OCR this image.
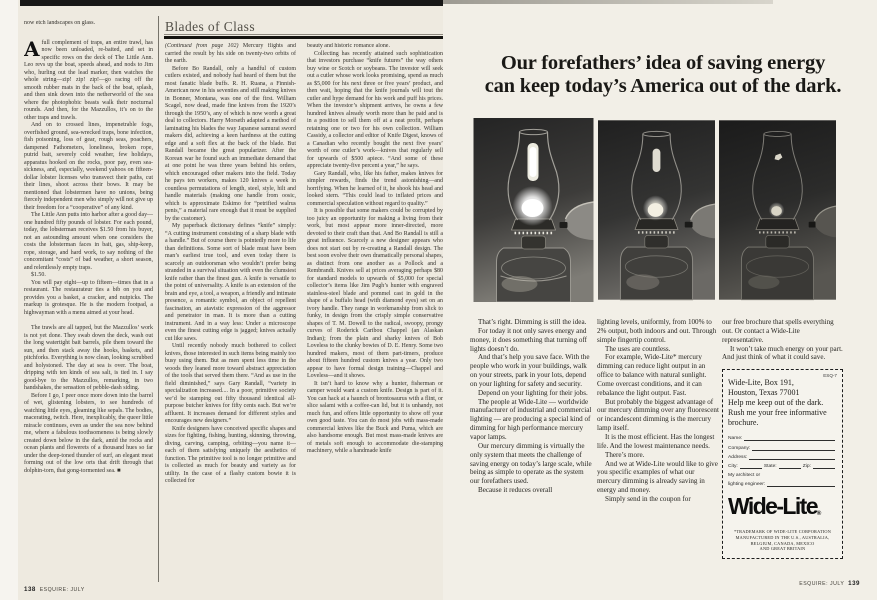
now etch landscapes on glass.

Afull complement of traps, an entire trawl, has now been unloaded, re-baited, and set in specific rows on the deck of The Little Ann. Leo revs up the boat, speeds ahead, and nods to Jim who, hurling out the lead marker, then watches the whole string—zip! zip! zip!—go racing off the smooth rubber mats in the back of the boat, splash, and then sink down into the netherworld of the sea where the photophobic beasts walk their nocturnal rounds. And then, for the Mazzullos, it’s on to the other traps and trawls.

And on to crossed lines, impenetrable fogs, overfished ground, sea-wrecked traps, bone infection, fish poisoning, loss of gear, rough seas, poachers, dampened Fathometers, loneliness, broken rope, putrid bait, severely cold weather, few holidays, apparatus hooked on the rocks, poor pay, even sea-sickness, and, especially, weekend yahoos on fifteen-dollar lobster licenses who transvect their paths, cut their lines, shoot across their bows. It may be mentioned that lobstermen have no unions, being fiercely independent men who simply will not give up their freedom for a “cooperative” of any kind.

The Little Ann putts into harbor after a good day—one hundred fifty pounds of lobster. For each pound, today, the lobsterman receives $1.50 from his buyer, not an astounding amount when one considers the costs the lobsterman faces in bait, gas, ship-keep, rope, storage, and hard work, to say nothing of the concomitant “costs” of bad weather, a short season, and relentlessly empty traps.

$1.50.

You will pay eight—up to fifteen—times that in a restaurant. The restaurateur ties a bib on you and provides you a basket, a cracker, and nutpicks. The markup is grotesque. He is the modern footpad, a highwayman with a menu aimed at your head.

The trawls are all tapped, but the Mazzullos’ work is not yet done. They swab down the deck, wash out the long watertight bait barrels, pile them toward the sun, and then stack away the hooks, baskets, and pitchforks. Everything is now clean, looking scrubbed and holystoned. The day at sea is over. The boat, dripping with ten kinds of sea salt, is tied in. I say good-bye to the Mazzullos, remarking, in two handshakes, the sensation of pebble-dash siding.

Before I go, I peer once more down into the barrel of wet, glistening lobsters, to see hundreds of watching little eyes, gleaming like sepals. The bodies, macerating, twitch. Here, inexplicably, the queer little miracle continues, even as under the sea now behind me, where a fabulous toothsomeness is being slowly created down below in the dark, amid the rocks and ocean plants and flowerets of a thousand hues so far under the deep-toned thunder of surf, an elegant meat forming out of the low orts that drift through that dolphin-torn, that gong-tormented sea. ■

Blades of Class

(Continued from page 102) Mercury flights and carried the result by his side on twenty-two orbits of the earth.

Before Bo Randall, only a handful of custom cutlers existed, and nobody had heard of them but the most fanatic blade buffs. R. H. Ruana, a Finnish-American now in his seventies and still making knives in Bonner, Montana, was one of the first. William Scagel, now dead, made fine knives from the 1920’s through the 1950’s, any of which is now worth a great deal to collectors. Harry Morseth adapted a method of laminating his blades the way Japanese samurai sword makers did, achieving a keen hardness at the cutting edge and a soft flex at the back of the blade. But Randall became the great popularizer. After the Korean war he found such an immediate demand that at one point he was three years behind his orders, which encouraged other makers into the field. Today he pays ten workers, makes 120 knives a week in countless permutations of length, steel, style, hilt and handle materials (making one handle from oosic, which is approximate Eskimo for “petrified walrus penis,” a material rare enough that it must be supplied by the customer).

My paperback dictionary defines “knife” simply: “A cutting instrument consisting of a sharp blade with a handle.” But of course there is pointedly more to life than definitions. Some sort of blade must have been man’s earliest true tool, and even today there is scarcely an outdoorsman who wouldn’t prefer being stranded in a survival situation with even the clumsiest knife rather than the finest gun. A knife is versatile to the point of universality. A knife is an extension of the brain and eye, a tool, a weapon, a friendly and intimate presence, a romantic symbol, an object of repellent fascination, an atavistic expression of the aggressor and penetrator in man. It is more than a cutting instrument. And in a way less: Under a microscope even the finest cutting edge is jagged; knives actually cut like saws.

Until recently nobody much bothered to collect knives, those interested in such items being mainly too busy using them. But as men spent less time in the woods they leaned more toward abstract appreciation of the tools that served them there. “And as use in the field diminished,” says Gary Randall, “variety in specialization increased.... In a poor, primitive society we’d be stamping out fifty thousand identical all-purpose butcher knives for fifty cents each. But we’re affluent. It increases demand for different styles and encourages new designers.”

Knife designers have conceived specific shapes and sizes for fighting, fishing, hunting, skinning, throwing, diving, carving, camping, orbiting—you name it—each of them satisfying uniquely the aesthetics of function. The primitive tool is no longer primitive and is collected as much for beauty and variety as for utility. In the case of a flashy custom bowie it is collected for

beauty and historic romance alone.

Collecting has recently attained such sophistication that investors purchase “knife futures” the way others buy wine or Scotch or soybeans. The investor will seek out a cutler whose work looks promising, spend as much as $5,000 for his next three or five years’ product, and then wait, hoping that the knife journals will tout the cutler and hype demand for his work and puff his prices. When the investor’s shipment arrives, he owns a few hundred knives already worth more than he paid and is in a position to sell them off at a neat profit, perhaps retaining one or two for his own collection. William Cassidy, a collector and editor of Knife Digest, knows of a Canadian who recently bought the next five years’ worth of one cutler’s work—knives that regularly sell for upwards of $500 apiece. “And some of these appreciate twenty-five percent a year,” he says.

Gary Randall, who, like his father, makes knives for simpler rewards, finds the trend astonishing—and horrifying. When he learned of it, he shook his head and looked stern. “This could lead to inflated prices and commercial speculation without regard to quality.”

It is possible that some makers could be corrupted by too juicy an opportunity for making a living from their work, but most appear more inner-directed, more devoted to their craft than that. And Bo Randall is still a great influence. Scarcely a new designer appears who does not start out by re-creating a Randall design. The best soon evolve their own dramatically personal shapes, as distinct from one another as a Pollock and a Rembrandt. Knives sell at prices averaging perhaps $80 for standard models to upwards of $5,000 for special collector’s items like Jim Pugh’s hunter with engraved stainless-steel blade and pommel cast in gold in the shape of a buffalo head (with diamond eyes) set on an ivory handle. They range in workmanship from slick to funky, in design from the crisply simple conservative shapes of T. M. Dowell to the radical, swoopy, prongy curves of Roderick Caribou Chappel (an Alaskan Indian); from the plain and sharky knives of Bob Loveless to the clunky bowies of D. E. Henry. Some two hundred makers, most of them part-timers, produce about fifteen hundred custom knives a year. Only two appear to have formal design training—Chappel and Loveless—and it shows.

It isn’t hard to know why a hunter, fisherman or camper would want a custom knife. Design is part of it. You can hack at a haunch of brontosaurus with a flint, or slice salami with a coffee-can lid, but it is unhandy, not much fun, and offers little opportunity to show off your own good taste. You can do most jobs with mass-made commercial knives like the Buck and Puma, which are also handsome enough. But most mass-made knives are of metals soft enough to accommodate die-stamping machinery, while a handmade knife

Our forefathers’ idea of saving energy
can keep today’s America out of the dark.

That’s right. Dimming is still the idea.

For today it not only saves energy and money, it does something that turning off lights doesn’t do.

And that’s help you save face. With the people who work in your buildings, walk on your streets, park in your lots, depend on your lighting for safety and security.

Depend on your lighting for their jobs.

The people at Wide-Lite — worldwide manufacturer of industrial and commercial lighting — are producing a special kind of dimming for high performance mercury vapor lamps.

Our mercury dimming is virtually the only system that meets the challenge of saving energy on today’s large scale, while being as simple to operate as the system our forefathers used.

Because it reduces overall

lighting levels, uniformly, from 100% to 2% output, both indoors and out. Through simple fingertip control.

The uses are countless.

For example, Wide-Lite* mercury dimming can reduce light output in an office to balance with natural sunlight. Come overcast conditions, and it can rebalance the light output. Fast.

But probably the biggest advantage of our mercury dimming over any fluorescent or incandescent dimming is the mercury lamp itself.

It is the most efficient. Has the longest life. And the lowest maintenance needs.

There’s more.

And we at Wide-Lite would like to give you specific examples of what our mercury dimming is already saving in energy and money.

Simply send in the coupon for

our free brochure that spells everything out. Or contact a Wide-Lite representative.

It won’t take much energy on your part. And just think of what it could save.

ESQ-7
Wide-Lite, Box 191,
Houston, Texas 77001
Help me keep out of the dark.
Rush me your free informative
brochure.
Name:
Company:
Address:
City:	State:	Zip:
My architect or
lighting engineer:
Wide-Lite®
*TRADEMARK OF WIDE-LITE CORPORATION
MANUFACTURED IN THE U.S., AUSTRALIA,
BELGIUM, CANADA, MEXICO
AND GREAT BRITAIN
138 ESQUIRE: JULY
ESQUIRE: JULY 139
